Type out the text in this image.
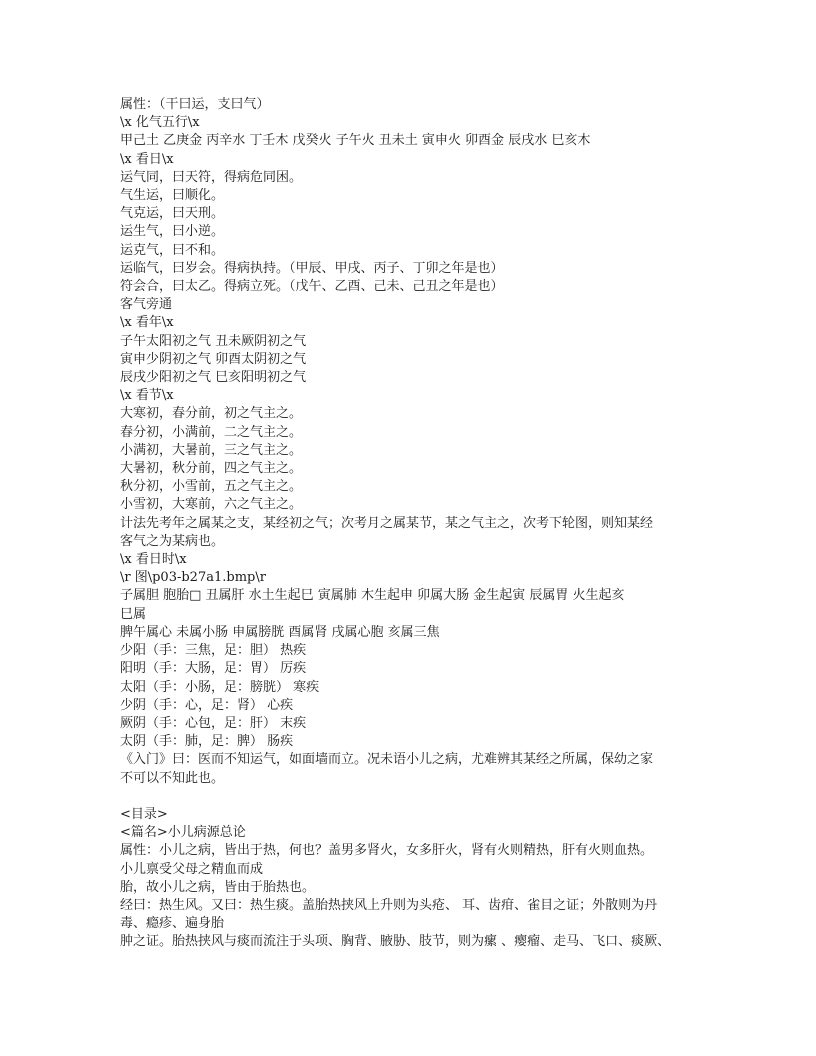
属性：（干曰运，支曰气）
\x 化气五行\x
甲己土 乙庚金 丙辛水 丁壬木 戊癸火 子午火 丑未土 寅申火 卯酉金 辰戌水 巳亥木
\x 看日\x
运气同，曰天符，得病危同困。
气生运，曰顺化。
气克运，曰天刑。
运生气，曰小逆。
运克气，曰不和。
运临气，曰岁会。得病执持。（甲辰、甲戌、丙子、丁卯之年是也）
符会合，曰太乙。得病立死。（戊午、乙酉、己未、己丑之年是也）
客气旁通
\x 看年\x
子午太阳初之气 丑未厥阴初之气
寅申少阴初之气 卯酉太阴初之气
辰戌少阳初之气 巳亥阳明初之气
\x 看节\x
大寒初，春分前，初之气主之。
春分初，小满前，二之气主之。
小满初，大暑前，三之气主之。
大暑初，秋分前，四之气主之。
秋分初，小雪前，五之气主之。
小雪初，大寒前，六之气主之。
计法先考年之属某之支，某经初之气；次考月之属某节，某之气主之，次考下轮图，则知某经
客气之为某病也。
\x 看日时\x
\r 图\p03-b27a1.bmp\r
子属胆 胞胎□ 丑属肝 水土生起巳 寅属肺 木生起申 卯属大肠 金生起寅 辰属胃 火生起亥
巳属
脾午属心 未属小肠 申属膀胱 酉属肾 戌属心胞 亥属三焦
少阳（手：三焦，足：胆） 热疾
阳明（手：大肠，足：胃） 厉疾
太阳（手：小肠，足：膀胱） 寒疾
少阴（手：心，足：肾） 心疾
厥阴（手：心包，足：肝） 末疾
太阴（手：肺，足：脾） 肠疾
《入门》曰：医而不知运气，如面墙而立。况未语小儿之病，尤难辨其某经之所属，保幼之家
不可以不知此也。
<目录>
<篇名>小儿病源总论
属性：小儿之病，皆出于热，何也？盖男多肾火，女多肝火，肾有火则精热，肝有火则血热。
小儿禀受父母之精血而成
胎，故小儿之病，皆由于胎热也。
经曰：热生风。又曰：热生痰。盖胎热挟风上升则为头疮、 耳、齿疳、雀目之证；外散则为丹
毒、瘾疹、遍身胎
肿之证。胎热挟风与痰而流注于头项、胸背、腋胁、肢节，则为瘰 、瘿瘤、走马、飞口、痰厥、
